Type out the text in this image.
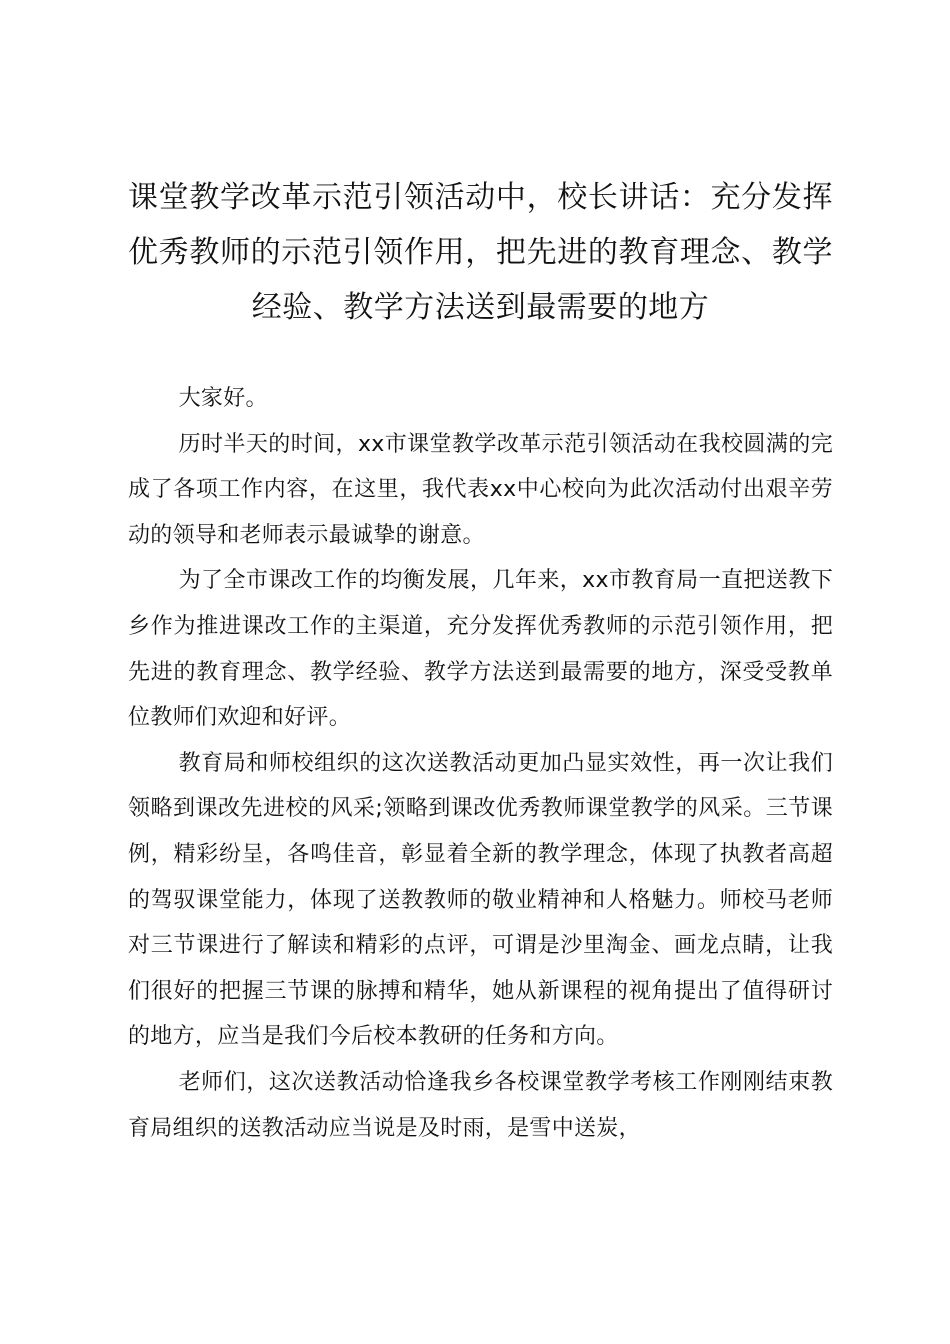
课堂教学改革示范引领活动中，校长讲话：充分发挥优秀教师的示范引领作用，把先进的教育理念、教学经验、教学方法送到最需要的地方

大家好。

历时半天的时间，xx市课堂教学改革示范引领活动在我校圆满的完成了各项工作内容，在这里，我代表xx中心校向为此次活动付出艰辛劳动的领导和老师表示最诚挚的谢意。

为了全市课改工作的均衡发展，几年来，xx市教育局一直把送教下乡作为推进课改工作的主渠道，充分发挥优秀教师的示范引领作用，把先进的教育理念、教学经验、教学方法送到最需要的地方，深受受教单位教师们欢迎和好评。

教育局和师校组织的这次送教活动更加凸显实效性，再一次让我们领略到课改先进校的风采;领略到课改优秀教师课堂教学的风采。三节课例，精彩纷呈，各鸣佳音，彰显着全新的教学理念，体现了执教者高超的驾驭课堂能力，体现了送教教师的敬业精神和人格魅力。师校马老师对三节课进行了解读和精彩的点评，可谓是沙里淘金、画龙点睛，让我们很好的把握三节课的脉搏和精华，她从新课程的视角提出了值得研讨的地方，应当是我们今后校本教研的任务和方向。

老师们，这次送教活动恰逢我乡各校课堂教学考核工作刚刚结束教育局组织的送教活动应当说是及时雨，是雪中送炭，
